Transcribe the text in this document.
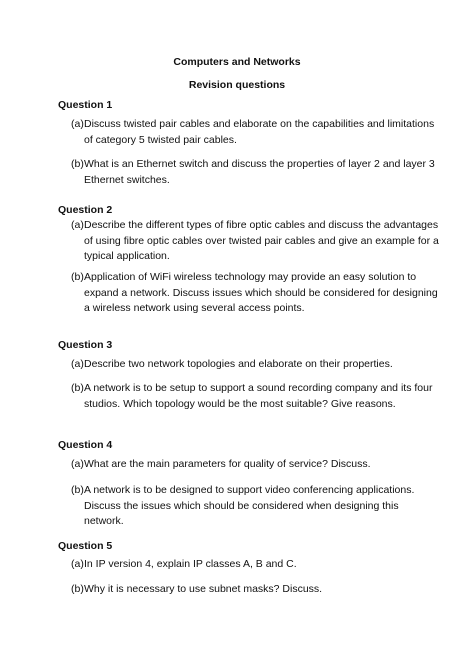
Computers and Networks
Revision questions
Question 1
(a) Discuss twisted pair cables and elaborate on the capabilities and limitations of category 5 twisted pair cables.
(b) What is an Ethernet switch and discuss the properties of layer 2 and layer 3 Ethernet switches.
Question 2
(a) Describe the different types of fibre optic cables and discuss the advantages of using fibre optic cables over twisted pair cables and give an example for a typical application.
(b) Application of WiFi wireless technology may provide an easy solution to expand a network. Discuss issues which should be considered for designing a wireless network using several access points.
Question 3
(a) Describe two network topologies and elaborate on their properties.
(b) A network is to be setup to support a sound recording company and its four studios. Which topology would be the most suitable? Give reasons.
Question 4
(a) What are the main parameters for quality of service? Discuss.
(b) A network is to be designed to support video conferencing applications. Discuss the issues which should be considered when designing this network.
Question 5
(a) In IP version 4, explain IP classes A, B and C.
(b) Why it is necessary to use subnet masks? Discuss.
